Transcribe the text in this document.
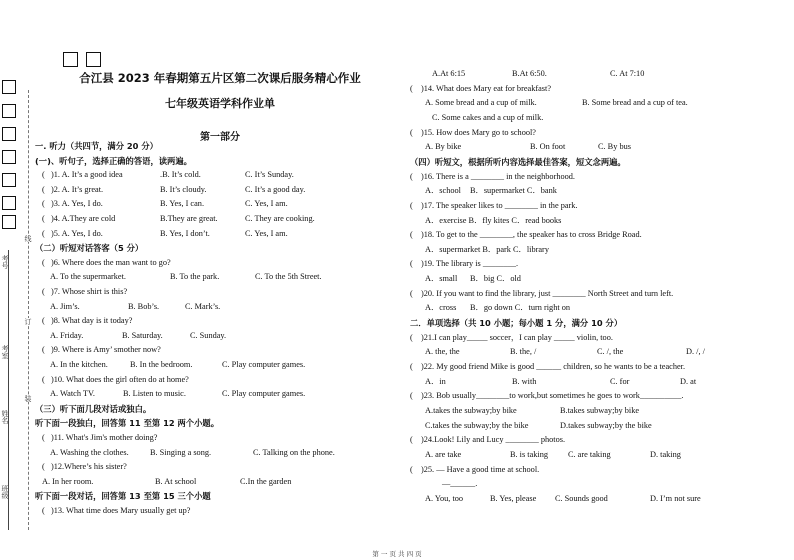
考号
线
考室
订
姓名
装
班级
合江县 2023 年春期第五片区第二次课后服务精心作业
七年级英语学科作业单
第一部分
一. 听力（共四节，满分 20 分）
(一)、听句子，选择正确的答语，读两遍。
( )1. A. It’s a good idea	.B. It’s cold.	C. It’s Sunday.
( )2. A. It’s great.	B. It’s cloudy.	C. It’s a good day.
( )3. A. Yes, I do.	B. Yes, I can.	C. Yes, I am.
( )4. A.They are cold	B.They are great.	C. They are cooking.
( )5. A. Yes, I do.	B. Yes, I don’t.	C. Yes, I am.
（二）听短对话答客（5 分）
( )6. Where does the man want to go?
A. To the supermarket.	B. To the park.	C. To the 5th Street.
( )7. Whose shirt is this?
A. Jim’s.	B. Bob’s.	C. Mark’s.
( )8. What day is it today?
A. Friday.	B. Saturday.	C. Sunday.
( )9. Where is Amy’ smother now?
A. In the kitchen.	B. In the bedroom.	C. Play computer games.
( )10. What does the girl often do at home?
A. Watch TV.	B. Listen to music.	C. Play computer games.
（三）听下面几段对话或独白。
听下面一段独白，回答第 11 至第 12 两个小题。
( )11. What's Jim's mother doing?
A. Washing the clothes.	B. Singing a song.	C. Talking on the phone.
( )12.Where’s his sister?
A. In her room.	B. At school	C.In the garden
听下面一段对话，回答第 13 至第 15 三个小题
( )13. What time does Mary usually get up?
A.At 6:15	B.At 6:50.	C. At 7:10
( )14. What does Mary eat for breakfast?
A. Some bread and a cup of milk.	B. Some bread and a cup of tea.
C. Some cakes and a cup of milk.
( )15. How does Mary go to school?
A. By bike	B. On foot	C. By bus
（四）听短文，根据所听内容选择最佳答案，短文念两遍。
( )16. There is a ________ in the neighborhood.
A．school B．supermarket C．bank
( )17. The speaker likes to ________ in the park.
A．exercise B．fly kites C．read books
( )18. To get to the ________, the speaker has to cross Bridge Road.
A．supermarket B．park C．library
( )19. The library is ________.
A．small B．big C．old
( )20. If you want to find the library, just ________ North Street and turn left.
A．cross B．go down C．turn right on
二．单项选择（共 10 小题；每小题 1 分，满分 10 分）
( )21.I can play_____ soccer，I can play _____ violin, too.
A. the, the	B. the, /	C. /, the	D. /, /
( )22. My good friend Mike is good ______ children, so he wants to be a teacher.
A．in	B. with	C. for	D. at
( )23. Bob usually________to work,but sometimes he goes to work__________.
A.takes the subway;by bike	B.takes subway;by bike
C.takes the subway;by the bike	D.takes subway;by the bike
( )24.Look! Lily and Lucy ________ photos.
A. are take	B. is taking C. are taking	D. taking
( )25. — Have a good time at school.
—______.
A. You, too	B. Yes, please C. Sounds good	D. I’m not sure
第 一 页 共 四 页
